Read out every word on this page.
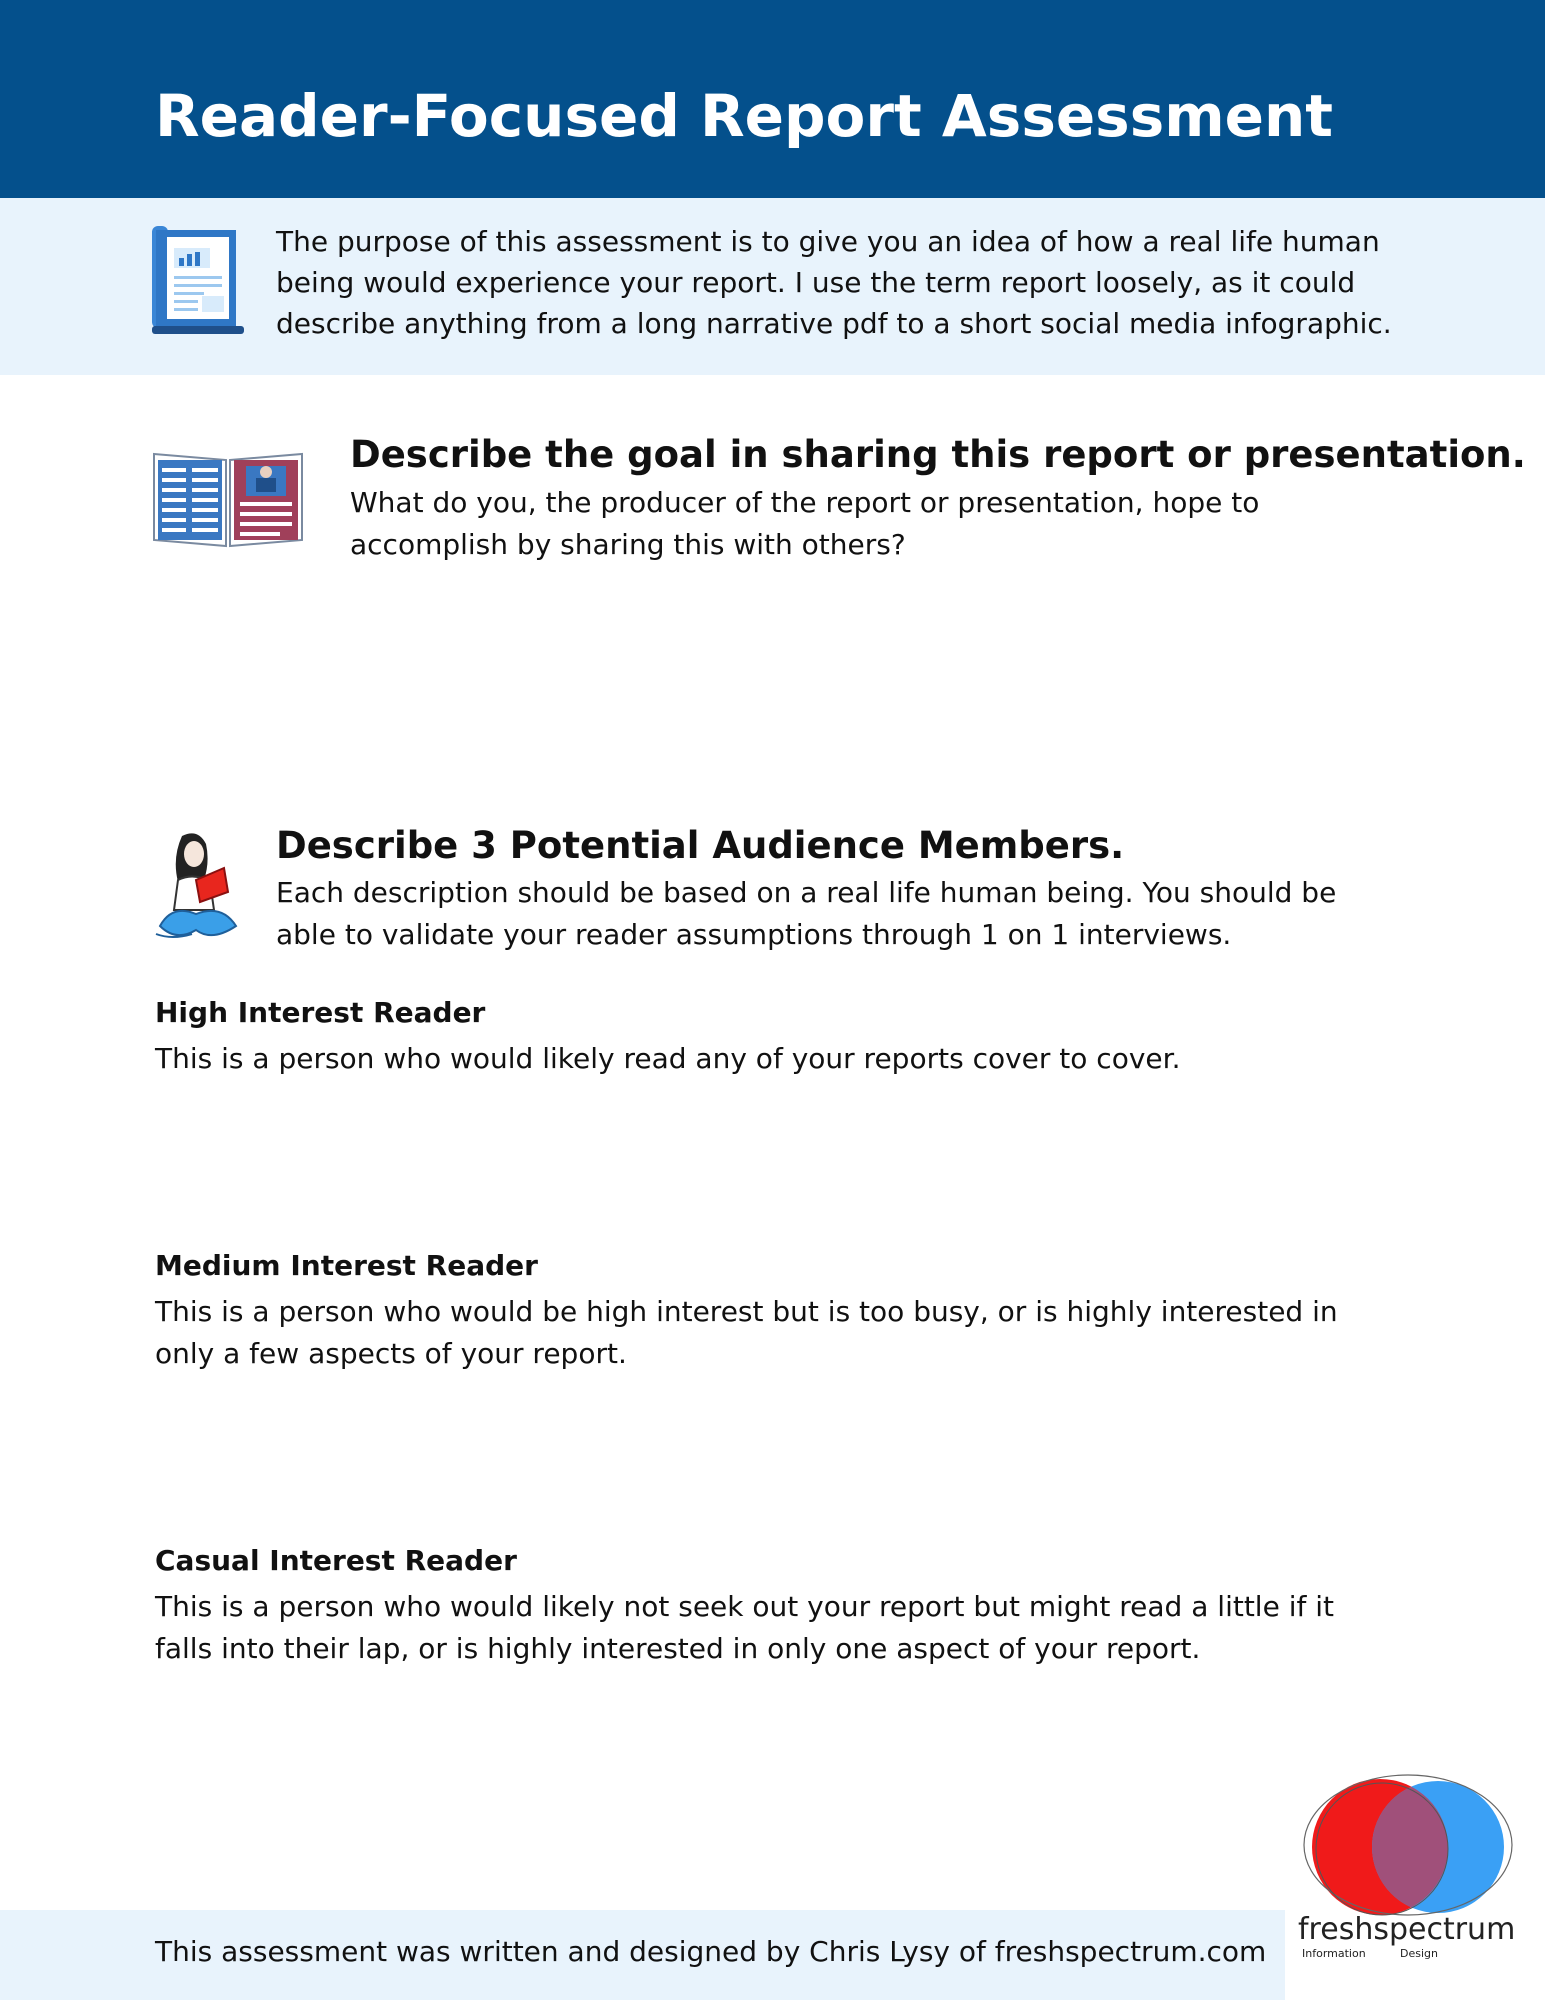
Reader-Focused Report Assessment
The purpose of this assessment is to give you an idea of how a real life human
being would experience your report. I use the term report loosely, as it could
describe anything from a long narrative pdf to a short social media infographic.
Describe the goal in sharing this report or presentation.
What do you, the producer of the report or presentation, hope to
accomplish by sharing this with others?
Describe 3 Potential Audience Members.
Each description should be based on a real life human being. You should be
able to validate your reader assumptions through 1 on 1 interviews.
High Interest Reader
This is a person who would likely read any of your reports cover to cover.
Medium Interest Reader
This is a person who would be high interest but is too busy, or is highly interested in
only a few aspects of your report.
Casual Interest Reader
This is a person who would likely not seek out your report but might read a little if it
falls into their lap, or is highly interested in only one aspect of your report.
This assessment was written and designed by Chris Lysy of freshspectrum.com
freshspectrum
Information	Design
